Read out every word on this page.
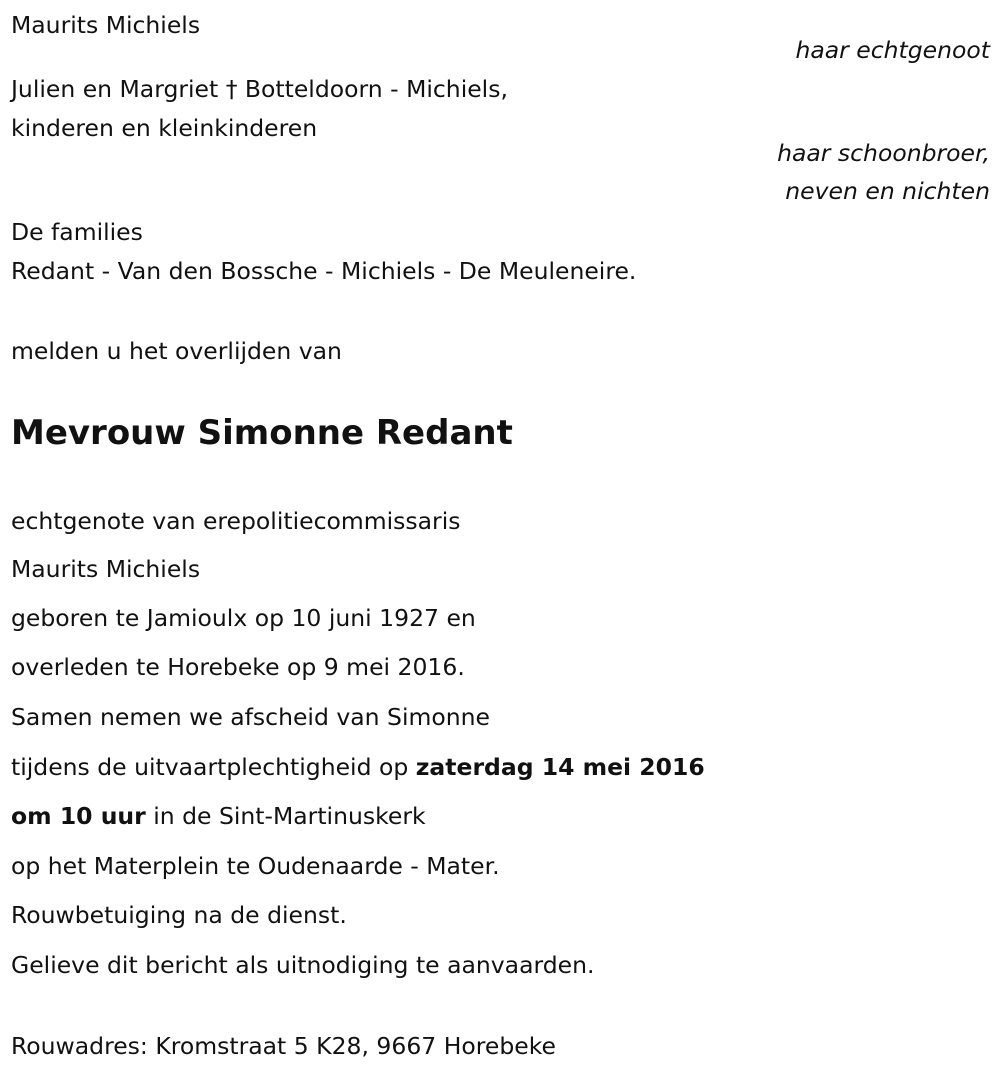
Maurits Michiels
haar echtgenoot
Julien en Margriet † Botteldoorn - Michiels,
kinderen en kleinkinderen
haar schoonbroer,
neven en nichten
De families
Redant - Van den Bossche - Michiels - De Meuleneire.
melden u het overlijden van
Mevrouw Simonne Redant
echtgenote van erepolitiecommissaris
Maurits Michiels
geboren te Jamioulx op 10 juni 1927 en
overleden te Horebeke op 9 mei 2016.
Samen nemen we afscheid van Simonne
tijdens de uitvaartplechtigheid op zaterdag 14 mei 2016
om 10 uur in de Sint-Martinuskerk
op het Materplein te Oudenaarde - Mater.
Rouwbetuiging na de dienst.
Gelieve dit bericht als uitnodiging te aanvaarden.
Rouwadres: Kromstraat 5 K28, 9667 Horebeke
